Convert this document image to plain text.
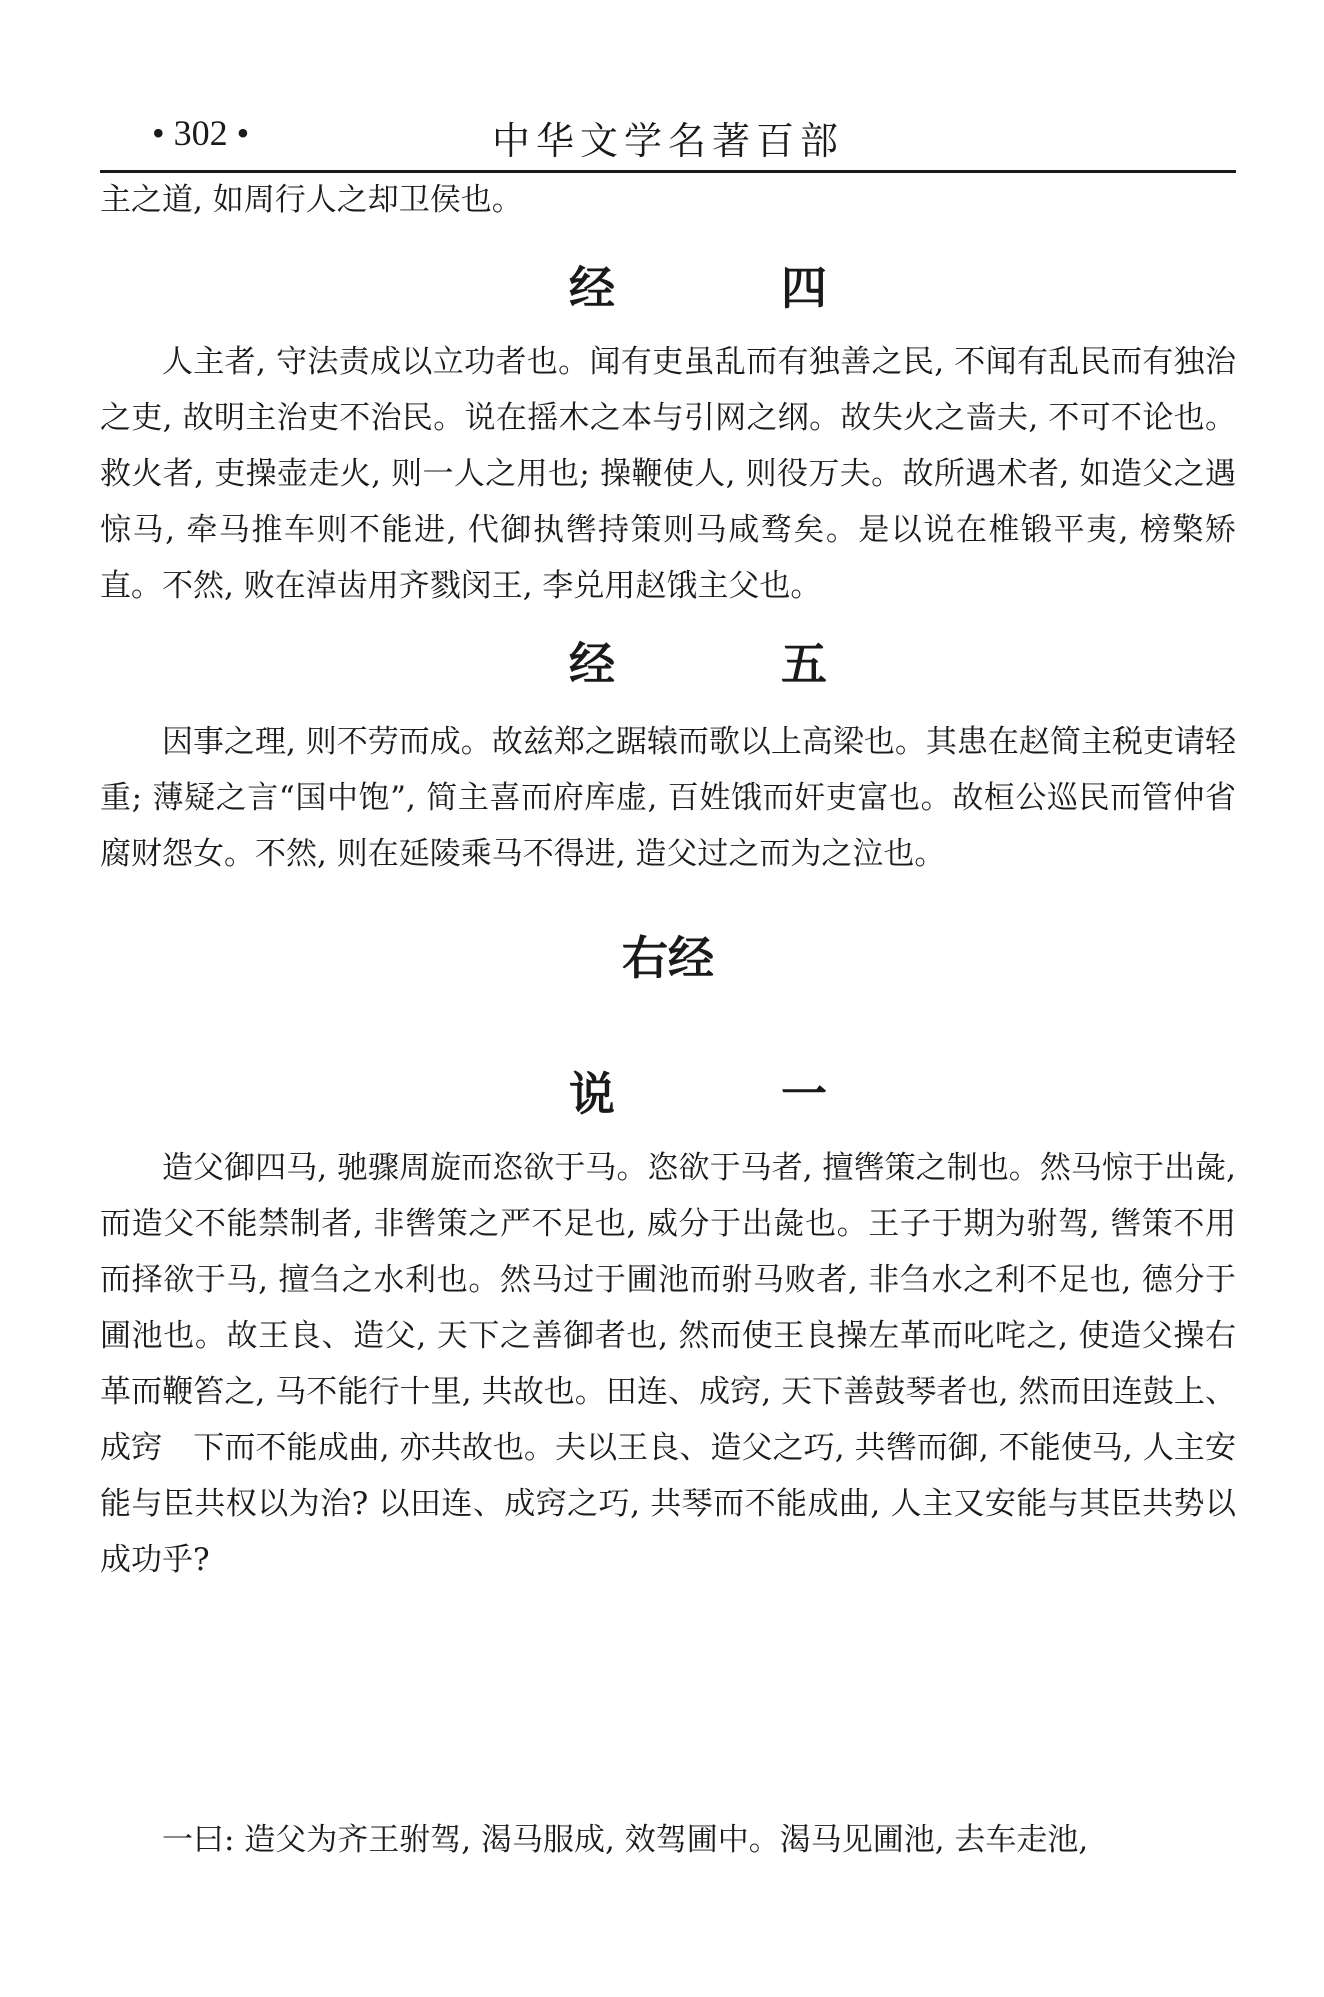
• 302 •	中华文学名著百部
主之道, 如周行人之却卫侯也。
经　四
人主者, 守法责成以立功者也。闻有吏虽乱而有独善之民, 不闻有乱民而有独治之吏, 故明主治吏不治民。说在摇木之本与引网之纲。故失火之啬夫, 不可不论也。救火者, 吏操壶走火, 则一人之用也; 操鞭使人, 则役万夫。故所遇术者, 如造父之遇惊马, 牵马推车则不能进, 代御执辔持策则马咸骛矣。是以说在椎锻平夷, 榜檠矫直。不然, 败在淖齿用齐戮闵王, 李兑用赵饿主父也。
经　五
因事之理, 则不劳而成。故兹郑之踞辕而歌以上高梁也。其患在赵简主税吏请轻重; 薄疑之言“国中饱”, 简主喜而府库虚, 百姓饿而奸吏富也。故桓公巡民而管仲省腐财怨女。不然, 则在延陵乘马不得进, 造父过之而为之泣也。
右经
说　一
造父御四马, 驰骤周旋而恣欲于马。恣欲于马者, 擅辔策之制也。然马惊于出彘, 而造父不能禁制者, 非辔策之严不足也, 威分于出彘也。王子于期为驸驾, 辔策不用而择欲于马, 擅刍之水利也。然马过于圃池而驸马败者, 非刍水之利不足也, 德分于圃池也。故王良、造父, 天下之善御者也, 然而使王良操左革而叱咤之, 使造父操右革而鞭笞之, 马不能行十里, 共故也。田连、成窍, 天下善鼓琴者也, 然而田连鼓上、成窍　下而不能成曲, 亦共故也。夫以王良、造父之巧, 共辔而御, 不能使马, 人主安能与臣共权以为治? 以田连、成窍之巧, 共琴而不能成曲, 人主又安能与其臣共势以成功乎?
一曰: 造父为齐王驸驾, 渴马服成, 效驾圃中。渴马见圃池, 去车走池,
